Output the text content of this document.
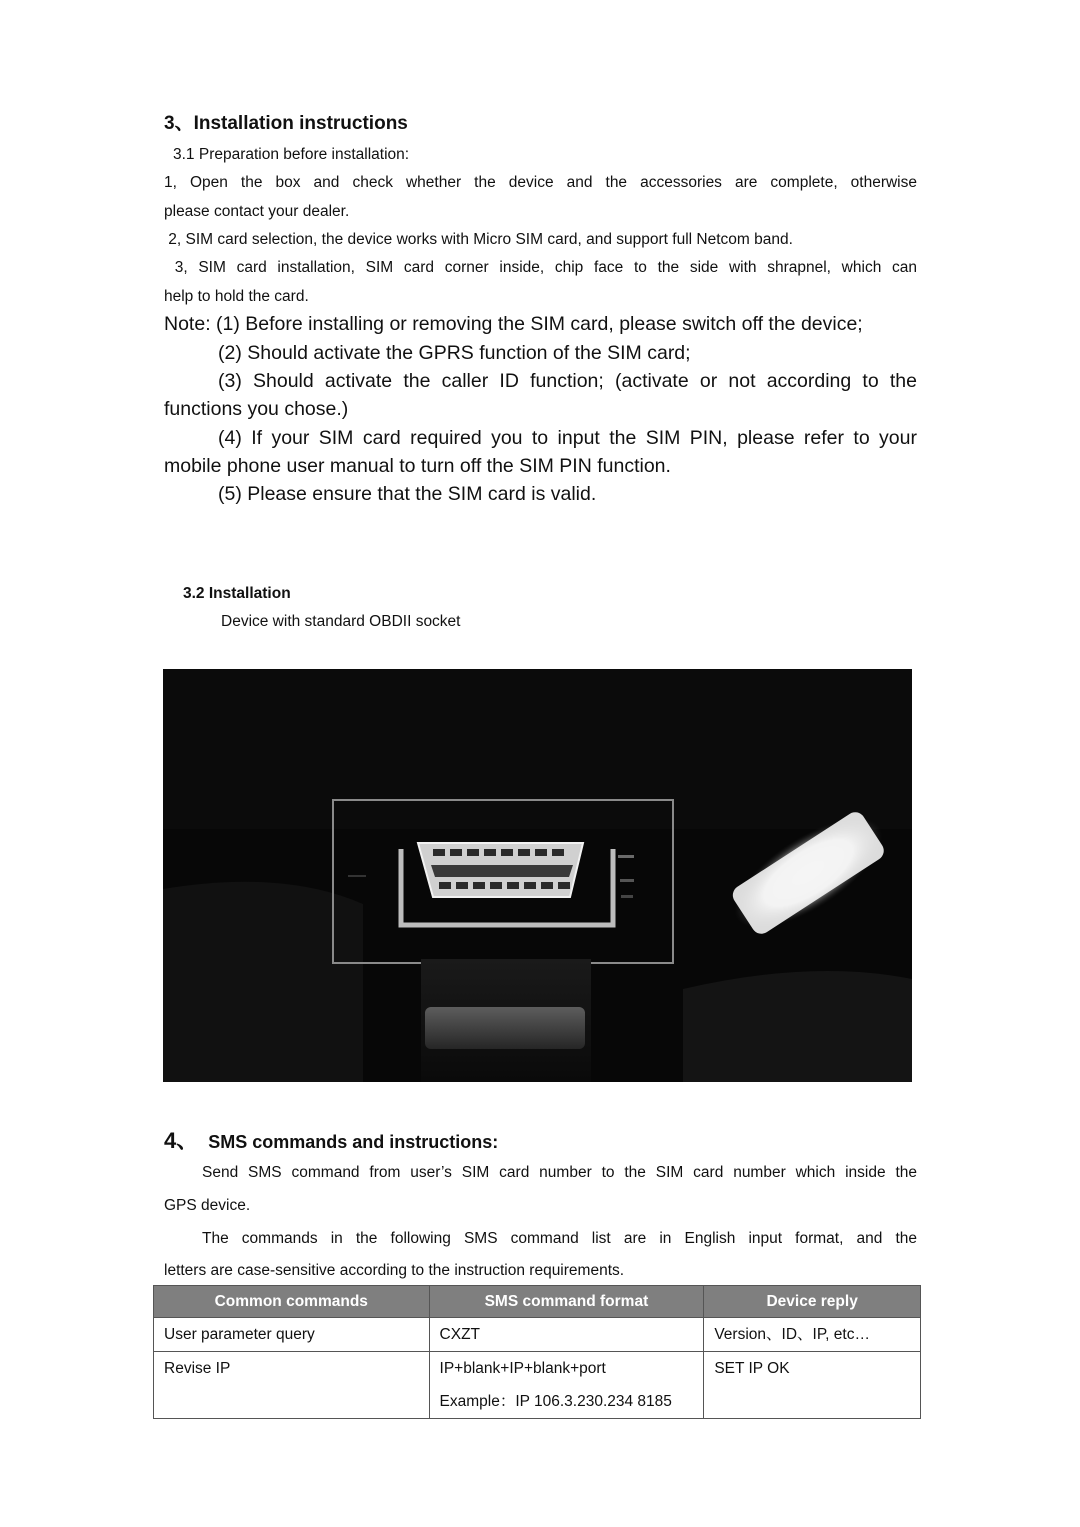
3、Installation instructions
3.1 Preparation before installation:
1, Open the box and check whether the device and the accessories are complete, otherwise
please contact your dealer.
2, SIM card selection, the device works with Micro SIM card, and support full Netcom band.
3, SIM card installation, SIM card corner inside, chip face to the side with shrapnel, which can
help to hold the card.
Note: (1) Before installing or removing the SIM card, please switch off the device;
(2) Should activate the GPRS function of the SIM card;
(3) Should activate the caller ID function; (activate or not according to the
functions you chose.)
(4) If your SIM card required you to input the SIM PIN, please refer to your
mobile phone user manual to turn off the SIM PIN function.
(5) Please ensure that the SIM card is valid.
3.2 Installation
Device with standard OBDII socket
4、 SMS commands and instructions:
Send SMS command from user’s SIM card number to the SIM card number which inside the
GPS device.
The commands in the following SMS command list are in English input format, and the
letters are case-sensitive according to the instruction requirements.
Common commands	SMS command format	Device reply

User parameter query	CXZT	Version、ID、IP, etc…

Revise IP	IP+blank+IP+blank+port
Example：IP 106.3.230.234 8185	SET IP OK
